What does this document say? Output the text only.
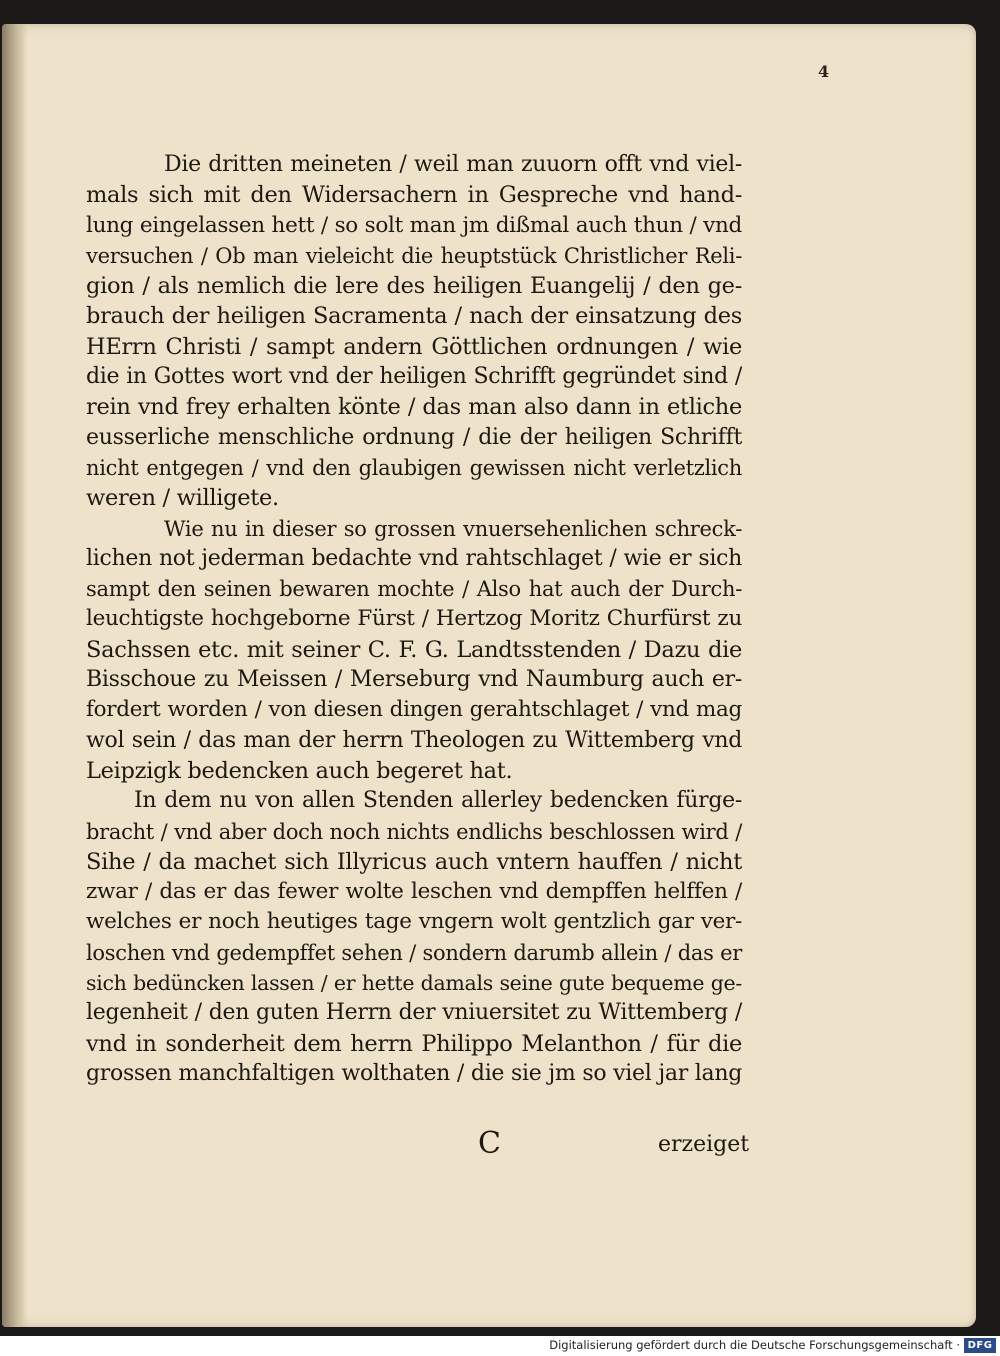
4
Die dritten meineten / weil man zuuorn offt vnd viel-
mals sich mit den Widersachern in Gespreche vnd hand-
lung eingelassen hett / so solt man jm dißmal auch thun / vnd
versuchen / Ob man vieleicht die heuptstück Christlicher Reli-
gion / als nemlich die lere des heiligen Euangelij / den ge-
brauch der heiligen Sacramenta / nach der einsatzung des
HErrn Christi / sampt andern Göttlichen ordnungen / wie
die in Gottes wort vnd der heiligen Schrifft gegründet sind /
rein vnd frey erhalten könte / das man also dann in etliche
eusserliche menschliche ordnung / die der heiligen Schrifft
nicht entgegen / vnd den glaubigen gewissen nicht verletzlich
weren / willigete.
Wie nu in dieser so grossen vnuersehenlichen schreck-
lichen not jederman bedachte vnd rahtschlaget / wie er sich
sampt den seinen bewaren mochte / Also hat auch der Durch-
leuchtigste hochgeborne Fürst / Hertzog Moritz Churfürst zu
Sachssen etc. mit seiner C. F. G. Landtsstenden / Dazu die
Bisschoue zu Meissen / Merseburg vnd Naumburg auch er-
fordert worden / von diesen dingen gerahtschlaget / vnd mag
wol sein / das man der herrn Theologen zu Wittemberg vnd
Leipzigk bedencken auch begeret hat.
In dem nu von allen Stenden allerley bedencken fürge-
bracht / vnd aber doch noch nichts endlichs beschlossen wird /
Sihe / da machet sich Illyricus auch vntern hauffen / nicht
zwar / das er das fewer wolte leschen vnd dempffen helffen /
welches er noch heutiges tage vngern wolt gentzlich gar ver-
loschen vnd gedempffet sehen / sondern darumb allein / das er
sich bedüncken lassen / er hette damals seine gute bequeme ge-
legenheit / den guten Herrn der vniuersitet zu Wittemberg /
vnd in sonderheit dem herrn Philippo Melanthon / für die
grossen manchfaltigen wolthaten / die sie jm so viel jar lang
C	erzeiget
Digitalisierung gefördert durch die Deutsche Forschungsgemeinschaft · DFG
